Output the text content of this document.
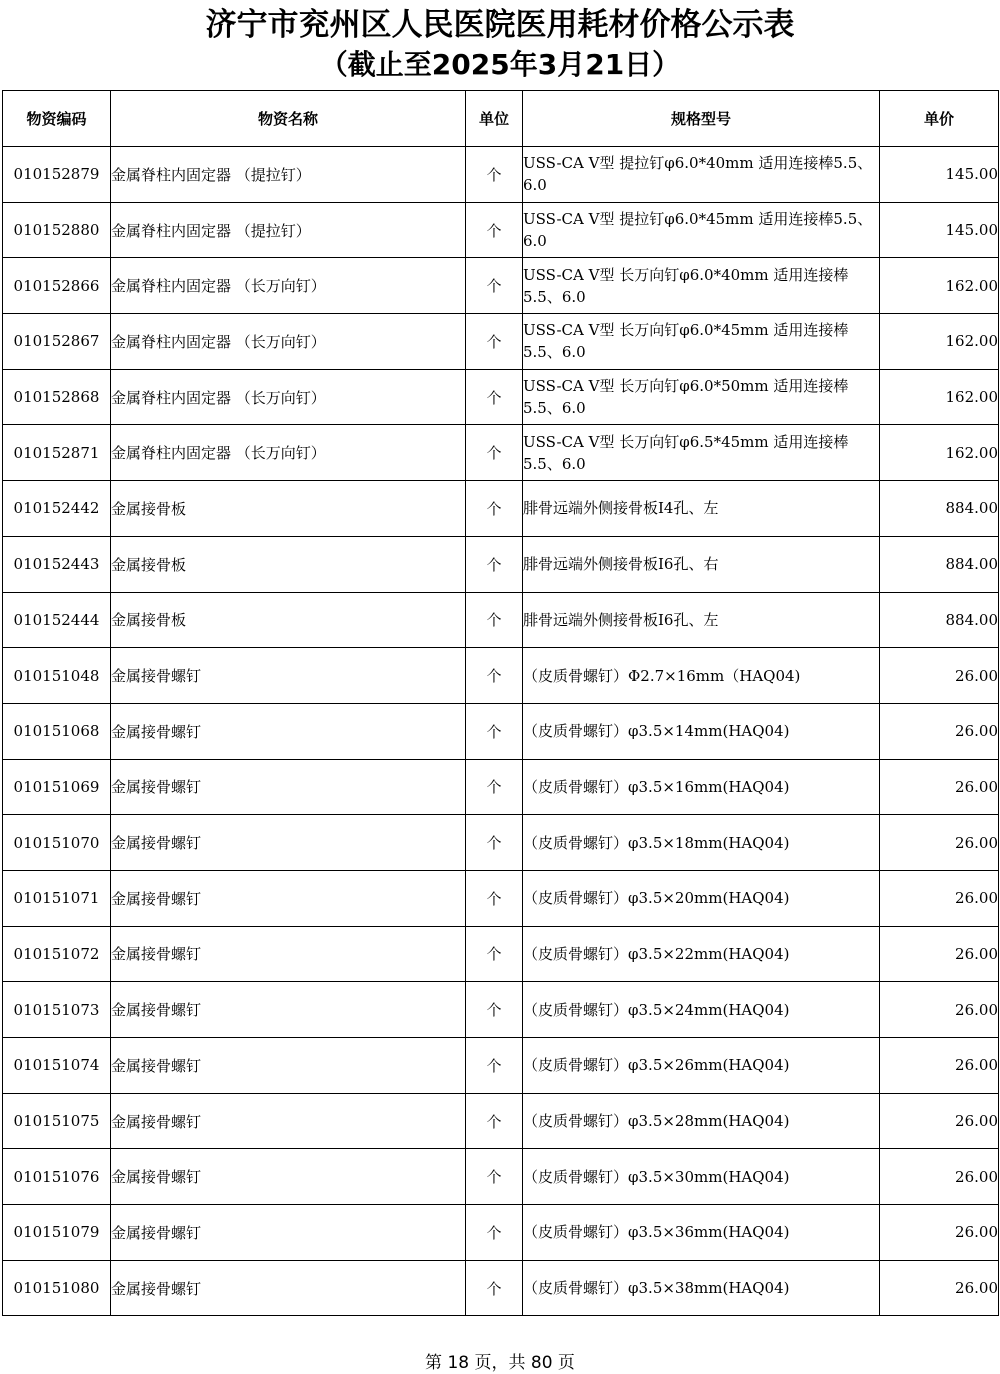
济宁市兖州区人民医院医用耗材价格公示表
（截止至2025年3月21日）
物资编码	物资名称	单位	规格型号	单价
010152879	金属脊柱内固定器 （提拉钉）	个	USS-CA V型 提拉钉φ6.0*40mm 适用连接棒5.5、6.0	145.00
010152880	金属脊柱内固定器 （提拉钉）	个	USS-CA V型 提拉钉φ6.0*45mm 适用连接棒5.5、6.0	145.00
010152866	金属脊柱内固定器 （长万向钉）	个	USS-CA V型 长万向钉φ6.0*40mm 适用连接棒5.5、6.0	162.00
010152867	金属脊柱内固定器 （长万向钉）	个	USS-CA V型 长万向钉φ6.0*45mm 适用连接棒5.5、6.0	162.00
010152868	金属脊柱内固定器 （长万向钉）	个	USS-CA V型 长万向钉φ6.0*50mm 适用连接棒5.5、6.0	162.00
010152871	金属脊柱内固定器 （长万向钉）	个	USS-CA V型 长万向钉φ6.5*45mm 适用连接棒5.5、6.0	162.00
010152442	金属接骨板	个	腓骨远端外侧接骨板Ⅰ4孔、左	884.00
010152443	金属接骨板	个	腓骨远端外侧接骨板Ⅰ6孔、右	884.00
010152444	金属接骨板	个	腓骨远端外侧接骨板Ⅰ6孔、左	884.00
010151048	金属接骨螺钉	个	（皮质骨螺钉）Φ2.7×16mm（HAQ04)	26.00
010151068	金属接骨螺钉	个	（皮质骨螺钉）φ3.5×14mm(HAQ04)	26.00
010151069	金属接骨螺钉	个	（皮质骨螺钉）φ3.5×16mm(HAQ04)	26.00
010151070	金属接骨螺钉	个	（皮质骨螺钉）φ3.5×18mm(HAQ04)	26.00
010151071	金属接骨螺钉	个	（皮质骨螺钉）φ3.5×20mm(HAQ04)	26.00
010151072	金属接骨螺钉	个	（皮质骨螺钉）φ3.5×22mm(HAQ04)	26.00
010151073	金属接骨螺钉	个	（皮质骨螺钉）φ3.5×24mm(HAQ04)	26.00
010151074	金属接骨螺钉	个	（皮质骨螺钉）φ3.5×26mm(HAQ04)	26.00
010151075	金属接骨螺钉	个	（皮质骨螺钉）φ3.5×28mm(HAQ04)	26.00
010151076	金属接骨螺钉	个	（皮质骨螺钉）φ3.5×30mm(HAQ04)	26.00
010151079	金属接骨螺钉	个	（皮质骨螺钉）φ3.5×36mm(HAQ04)	26.00
010151080	金属接骨螺钉	个	（皮质骨螺钉）φ3.5×38mm(HAQ04)	26.00
第 18 页，共 80 页
